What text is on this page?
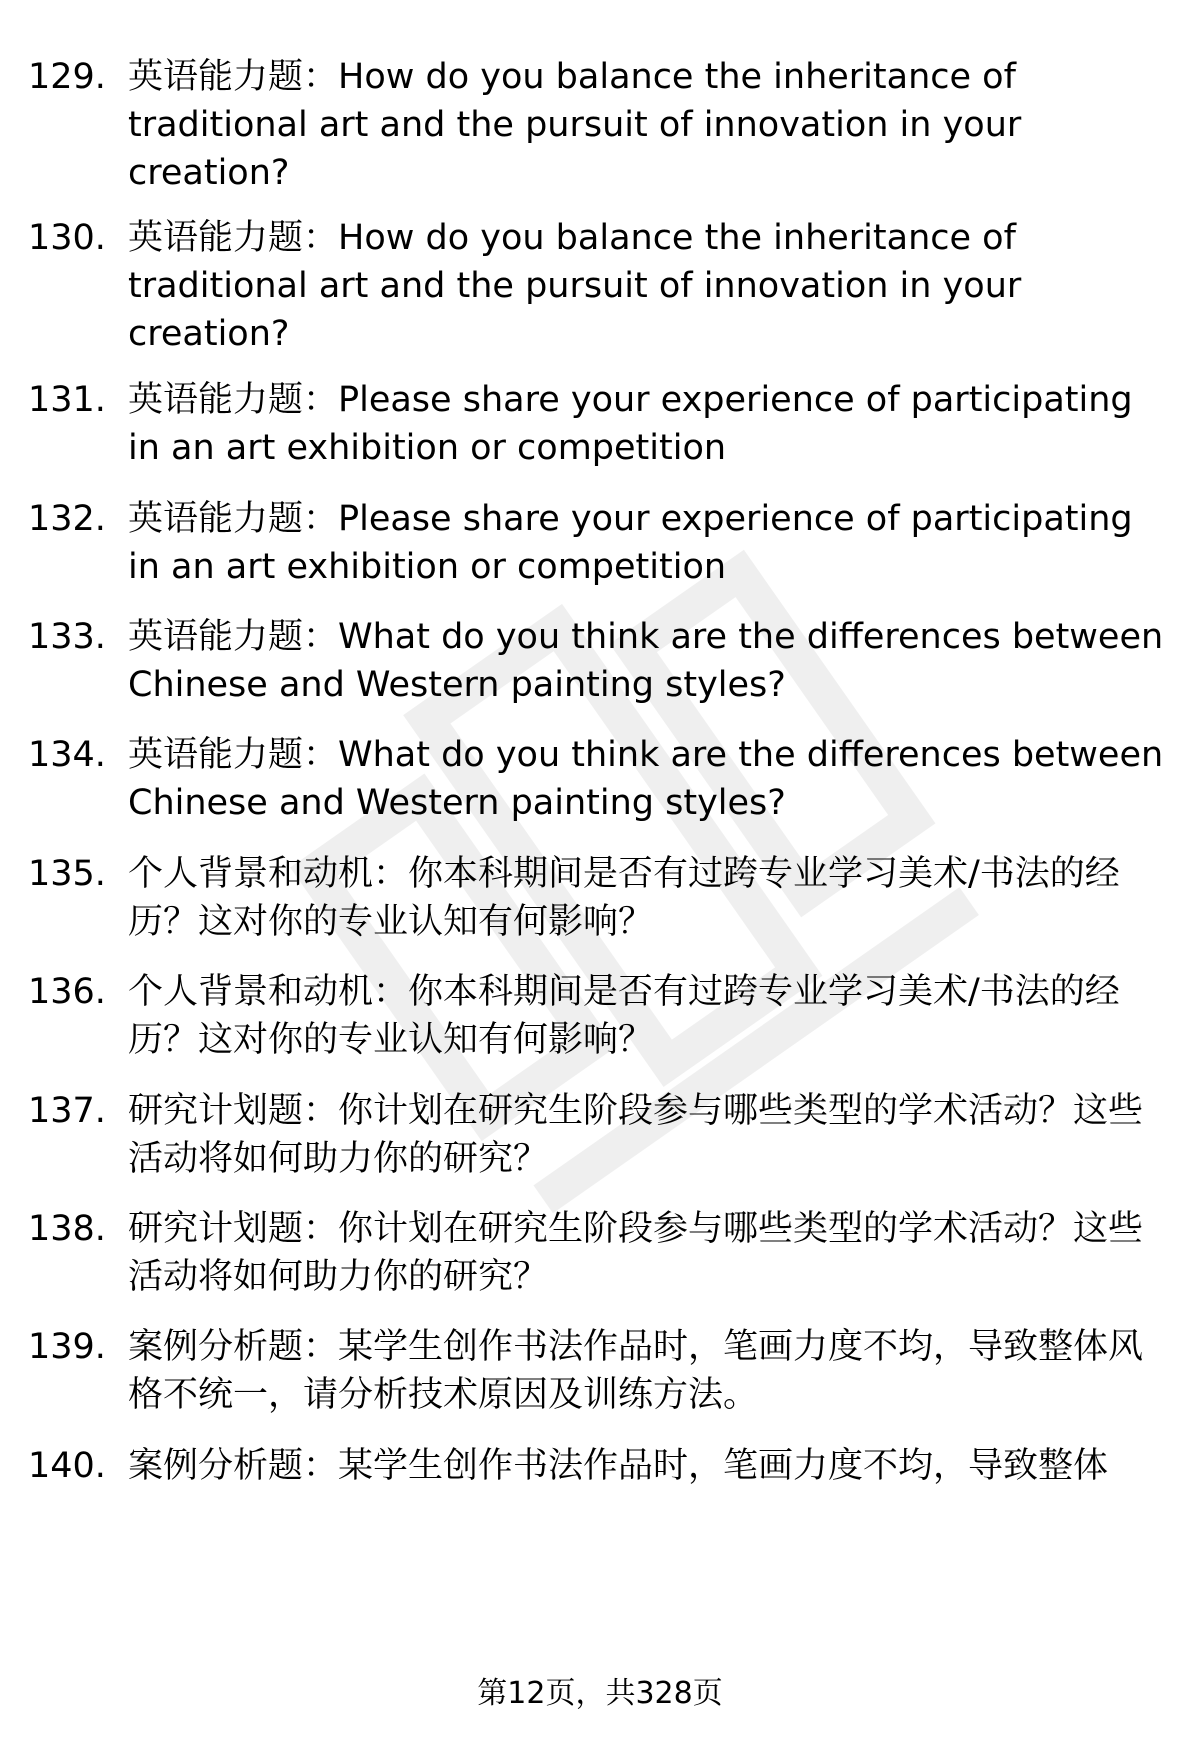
129. 英语能力题：How do you balance the inheritance of traditional art and the pursuit of innovation in your creation?
130. 英语能力题：How do you balance the inheritance of traditional art and the pursuit of innovation in your creation?
131. 英语能力题：Please share your experience of participating in an art exhibition or competition
132. 英语能力题：Please share your experience of participating in an art exhibition or competition
133. 英语能力题：What do you think are the differences between Chinese and Western painting styles?
134. 英语能力题：What do you think are the differences between Chinese and Western painting styles?
135. 个人背景和动机：你本科期间是否有过跨专业学习美术/书法的经历？这对你的专业认知有何影响？
136. 个人背景和动机：你本科期间是否有过跨专业学习美术/书法的经历？这对你的专业认知有何影响？
137. 研究计划题：你计划在研究生阶段参与哪些类型的学术活动？这些活动将如何助力你的研究？
138. 研究计划题：你计划在研究生阶段参与哪些类型的学术活动？这些活动将如何助力你的研究？
139. 案例分析题：某学生创作书法作品时，笔画力度不均，导致整体风格不统一，请分析技术原因及训练方法。
140. 案例分析题：某学生创作书法作品时，笔画力度不均，导致整体
第12页，共328页
